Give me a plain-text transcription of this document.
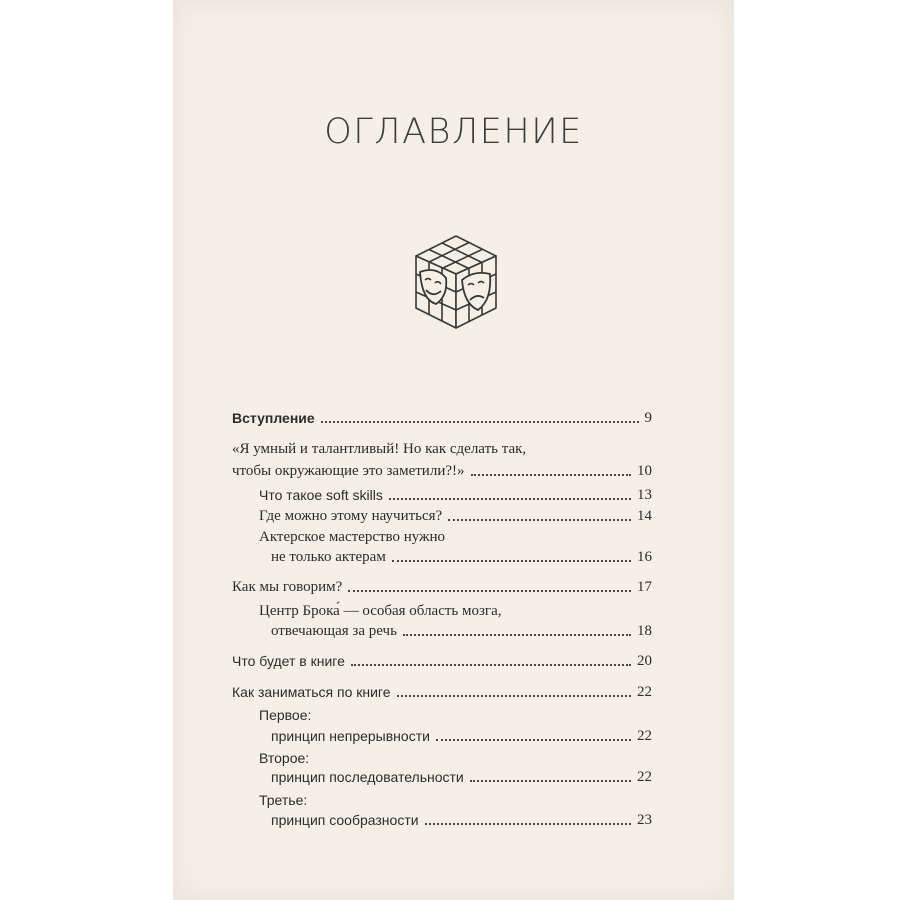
ОГЛАВЛЕНИЕ
Вступление	9
«Я умный и талантливый! Но как сделать так,
чтобы окружающие это заметили?!»	10
Что такое soft skills	13
Где можно этому научиться?	14
Актерское мастерство нужно
не только актерам	16
Как мы говорим?	17
Центр Брока́ — особая область мозга,
отвечающая за речь	18
Что будет в книге	20
Как заниматься по книге	22
Первое:
принцип непрерывности	22
Второе:
принцип последовательности	22
Третье:
принцип сообразности	23
